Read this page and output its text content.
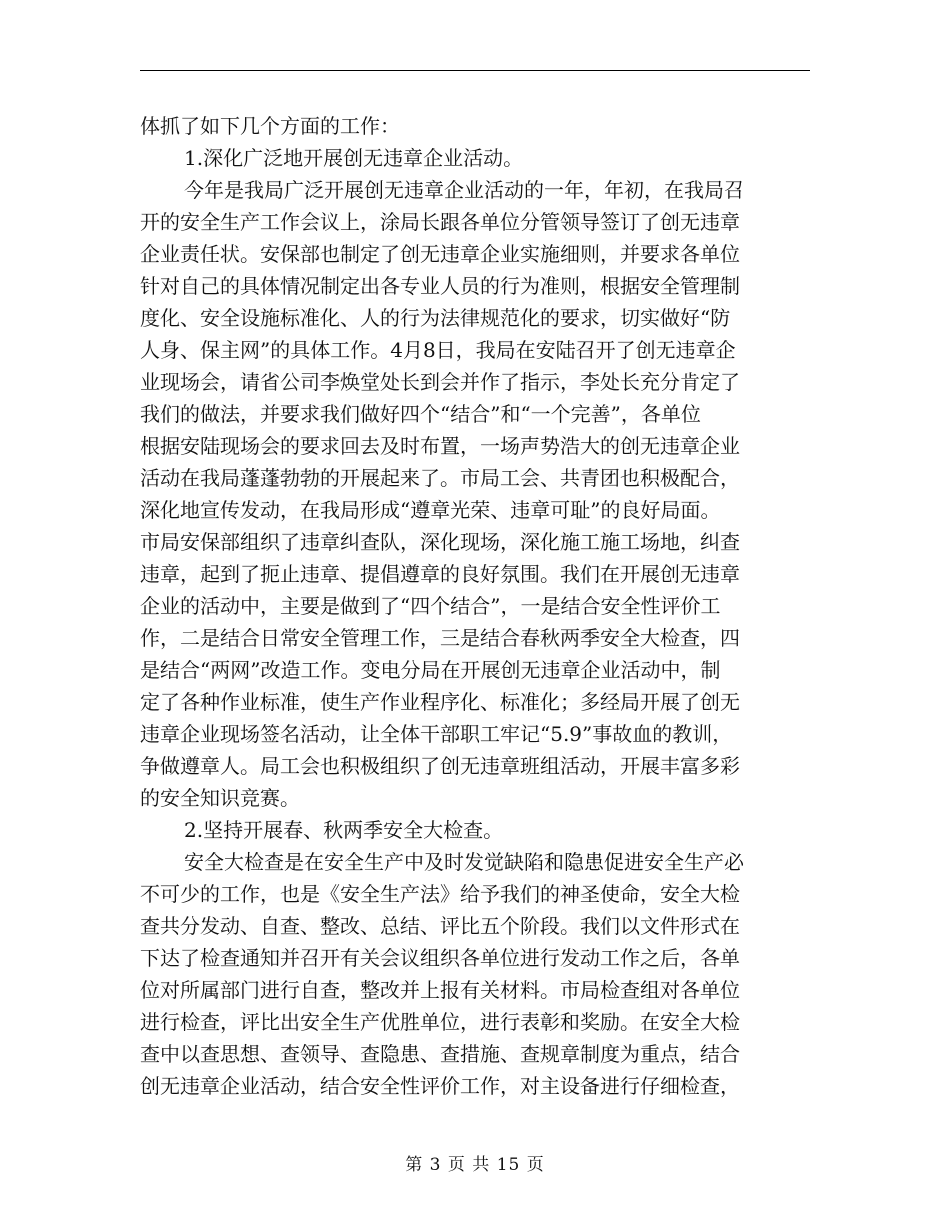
体抓了如下几个方面的工作：
1.深化广泛地开展创无违章企业活动。
今年是我局广泛开展创无违章企业活动的一年，年初，在我局召
开的安全生产工作会议上，涂局长跟各单位分管领导签订了创无违章
企业责任状。安保部也制定了创无违章企业实施细则，并要求各单位
针对自己的具体情况制定出各专业人员的行为准则，根据安全管理制
度化、安全设施标准化、人的行为法律规范化的要求，切实做好“防
人身、保主网”的具体工作。4月8日，我局在安陆召开了创无违章企
业现场会，请省公司李焕堂处长到会并作了指示，李处长充分肯定了
我们的做法，并要求我们做好四个“结合”和“一个完善”，各单位
根据安陆现场会的要求回去及时布置，一场声势浩大的创无违章企业
活动在我局蓬蓬勃勃的开展起来了。市局工会、共青团也积极配合，
深化地宣传发动，在我局形成“遵章光荣、违章可耻”的良好局面。
市局安保部组织了违章纠查队，深化现场，深化施工施工场地，纠查
违章，起到了扼止违章、提倡遵章的良好氛围。我们在开展创无违章
企业的活动中，主要是做到了“四个结合”，一是结合安全性评价工
作，二是结合日常安全管理工作，三是结合春秋两季安全大检查，四
是结合“两网”改造工作。变电分局在开展创无违章企业活动中，制
定了各种作业标准，使生产作业程序化、标准化；多经局开展了创无
违章企业现场签名活动，让全体干部职工牢记“5.9”事故血的教训，
争做遵章人。局工会也积极组织了创无违章班组活动，开展丰富多彩
的安全知识竞赛。
2.坚持开展春、秋两季安全大检查。
安全大检查是在安全生产中及时发觉缺陷和隐患促进安全生产必
不可少的工作，也是《安全生产法》给予我们的神圣使命，安全大检
查共分发动、自查、整改、总结、评比五个阶段。我们以文件形式在
下达了检查通知并召开有关会议组织各单位进行发动工作之后，各单
位对所属部门进行自查，整改并上报有关材料。市局检查组对各单位
进行检查，评比出安全生产优胜单位，进行表彰和奖励。在安全大检
查中以查思想、查领导、查隐患、查措施、查规章制度为重点，结合
创无违章企业活动，结合安全性评价工作，对主设备进行仔细检查，
第 3 页 共 15 页
